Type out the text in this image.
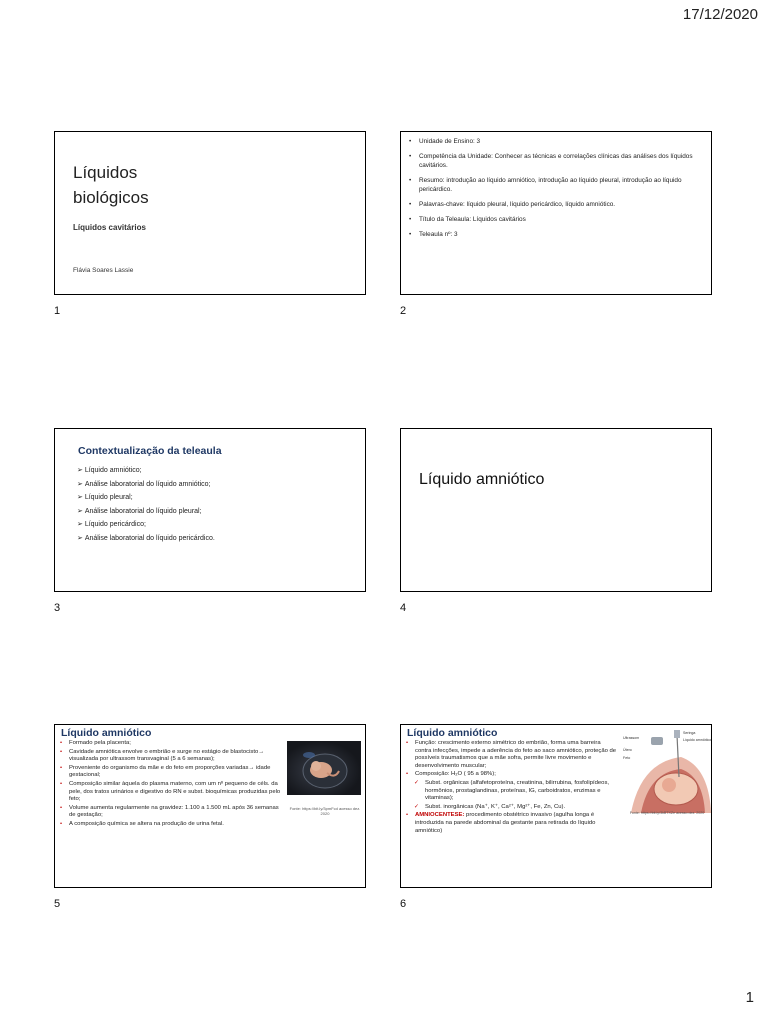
17/12/2020
Líquidos
biológicos
Líquidos cavitários
Flávia Soares Lassie
1
• Unidade de Ensino: 3
• Competência da Unidade: Conhecer as técnicas e correlações clínicas das análises dos líquidos cavitários.
• Resumo: introdução ao líquido amniótico, introdução ao líquido pleural, introdução ao líquido pericárdico.
• Palavras-chave: líquido pleural, líquido pericárdico, líquido amniótico.
• Título da Teleaula: Líquidos cavitários
• Teleaula nº: 3
2
Contextualização da teleaula
➢ Líquido amniótico;
➢ Análise laboratorial do líquido amniótico;
➢ Líquido pleural;
➢ Análise laboratorial do líquido pleural;
➢ Líquido pericárdico;
➢ Análise laboratorial do líquido pericárdico.
3
Líquido amniótico
4
Líquido amniótico
• Formado pela placenta;
• Cavidade amniótica envolve o embrião e surge no estágio de blastocisto→ visualizada por ultrassom transvaginal (5 a 6 semanas);
• Proveniente do organismo da mãe e do feto em proporções variadas→ idade gestacional;
• Composição similar àquela do plasma materno, com um nº pequeno de céls. da pele, dos tratos urinários e digestivo do RN e subst. bioquímicas produzidas pelo feto;
• Volume aumenta regularmente na gravidez: 1.100 a 1.500 mL após 36 semanas de gestação;
• A composição química se altera na produção de urina fetal.
Fonte: https://bit.ly/3pmFcd acesso dez. 2020
5
Líquido amniótico
• Função: crescimento externo simétrico do embrião, forma uma barreira contra infecções, impede a aderência do feto ao saco amniótico, proteção de possíveis traumatismos que a mãe sofra, permite livre movimento e desenvolvimento muscular;
• Composição: H₂O ( 95 a 98%);
✓ Subst. orgânicas (alfafetoproteína, creatinina, bilirrubina, fosfolipídeos, hormônios, prostaglandinas, proteínas, IG, carboidratos, enzimas e vitaminas);
✓ Subst. inorgânicas (Na⁺, K⁺, Ca²⁺, Mg²⁺, Fe, Zn, Cu).
• AMNIOCENTESE: procedimento obstétrico invasivo (agulha longa é introduzida na parede abdominal da gestante para retirada do líquido amniótico)
Seringa
Líquido amniótico
Ultrassom
Útero
Feto
Fonte: https://bit.ly/3kBTXZe acesso dez. 2020
6
1
